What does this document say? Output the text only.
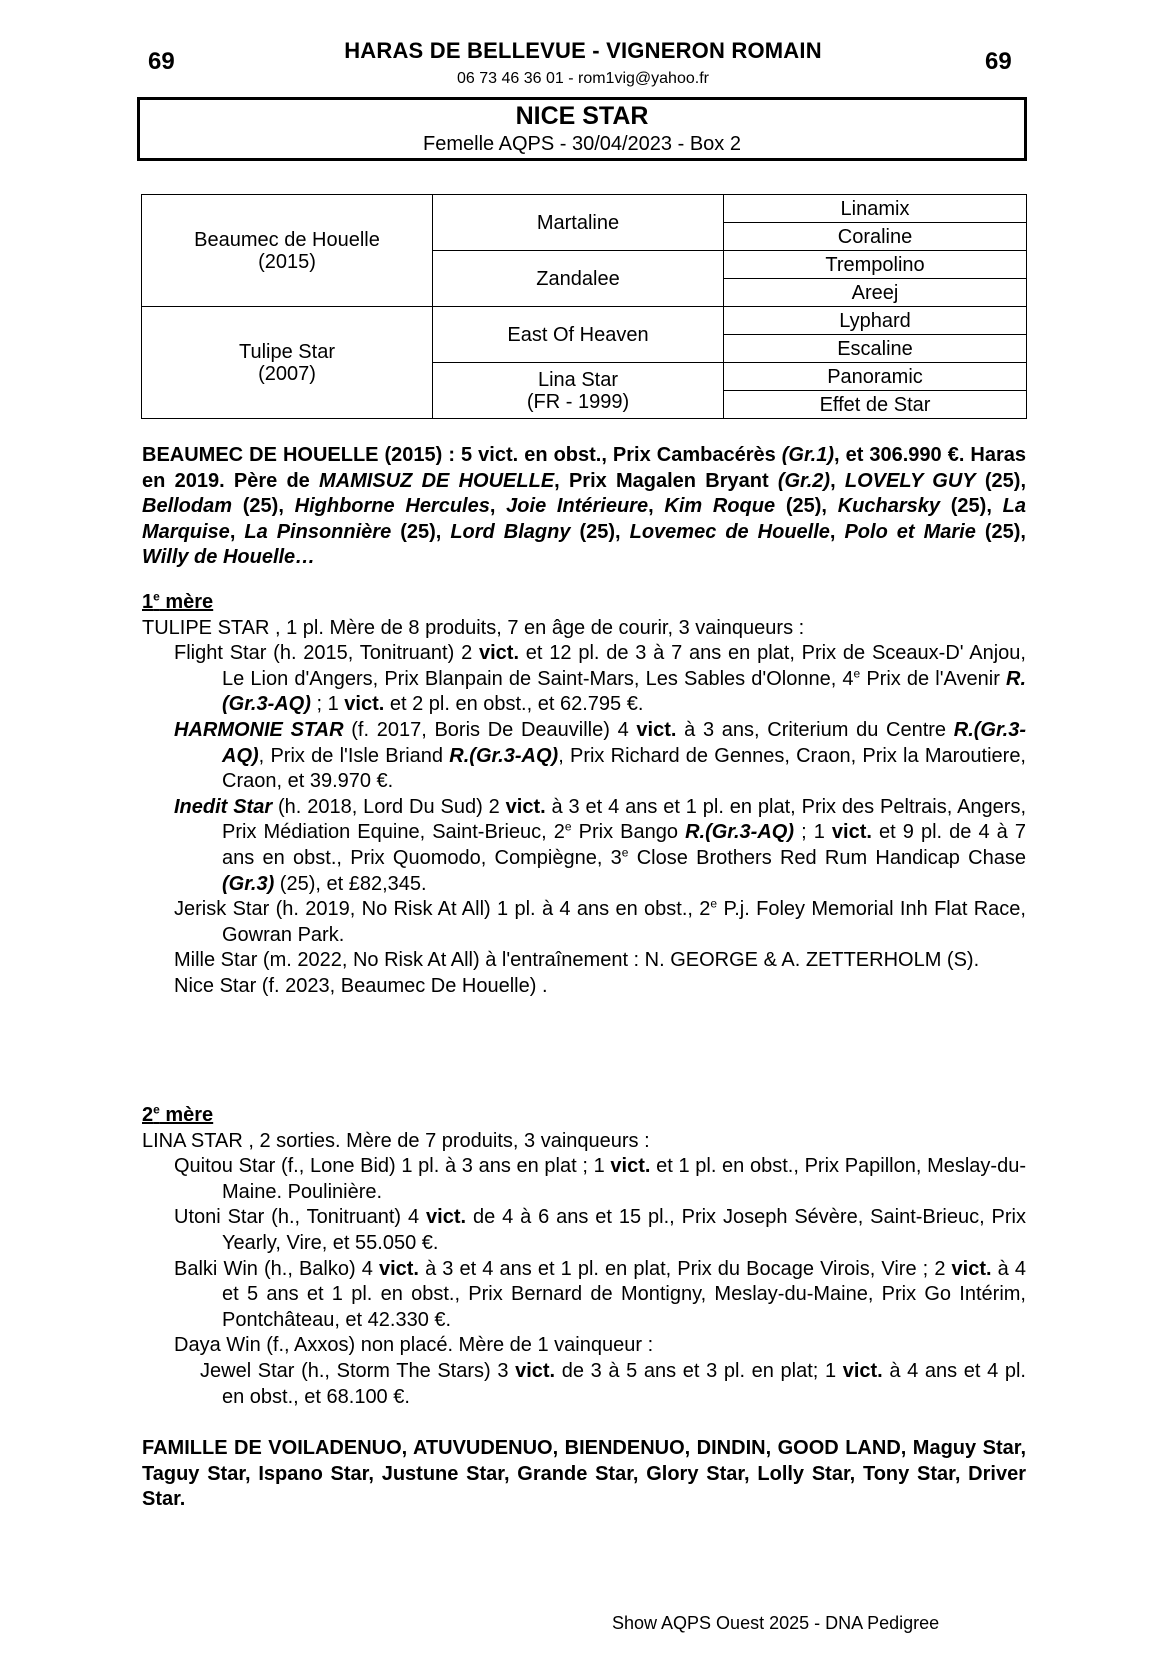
69	69
HARAS DE BELLEVUE - VIGNERON ROMAIN
06 73 46 36 01 - rom1vig@yahoo.fr
NICE STAR
Femelle AQPS - 30/04/2023 - Box 2
Beaumec de Houelle
(2015)	Martaline	Linamix
		Coraline
	Zandalee	Trempolino
		Areej

Tulipe Star
(2007)	East Of Heaven	Lyphard
		Escaline

	Lina Star
(FR - 1999)	Panoramic
		Effet de Star
BEAUMEC DE HOUELLE (2015) : 5 vict. en obst., Prix Cambacérès (Gr.1), et 306.990 €. Haras en 2019. Père de MAMISUZ DE HOUELLE, Prix Magalen Bryant (Gr.2), LOVELY GUY (25), Bellodam (25), Highborne Hercules, Joie Intérieure, Kim Roque (25), Kucharsky (25), La Marquise, La Pinsonnière (25), Lord Blagny (25), Lovemec de Houelle, Polo et Marie (25), Willy de Houelle…
1e mère
TULIPE STAR , 1 pl. Mère de 8 produits, 7 en âge de courir, 3 vainqueurs :
Flight Star (h. 2015, Tonitruant) 2 vict. et 12 pl. de 3 à 7 ans en plat, Prix de Sceaux-D' Anjou, Le Lion d'Angers, Prix Blanpain de Saint-Mars, Les Sables d'Olonne, 4e Prix de l'Avenir R.(Gr.3-AQ) ; 1 vict. et 2 pl. en obst., et 62.795 €.
HARMONIE STAR (f. 2017, Boris De Deauville) 4 vict. à 3 ans, Criterium du Centre R.(Gr.3-AQ), Prix de l'Isle Briand R.(Gr.3-AQ), Prix Richard de Gennes, Craon, Prix la Maroutiere, Craon, et 39.970 €.
Inedit Star (h. 2018, Lord Du Sud) 2 vict. à 3 et 4 ans et 1 pl. en plat, Prix des Peltrais, Angers, Prix Médiation Equine, Saint-Brieuc, 2e Prix Bango R.(Gr.3-AQ) ; 1 vict. et 9 pl. de 4 à 7 ans en obst., Prix Quomodo, Compiègne, 3e Close Brothers Red Rum Handicap Chase (Gr.3) (25), et £82,345.
Jerisk Star (h. 2019, No Risk At All) 1 pl. à 4 ans en obst., 2e P.j. Foley Memorial Inh Flat Race, Gowran Park.
Mille Star (m. 2022, No Risk At All) à l'entraînement : N. GEORGE & A. ZETTERHOLM (S).
Nice Star (f. 2023, Beaumec De Houelle) .
2e mère
LINA STAR , 2 sorties. Mère de 7 produits, 3 vainqueurs :
Quitou Star (f., Lone Bid) 1 pl. à 3 ans en plat ; 1 vict. et 1 pl. en obst., Prix Papillon, Meslay-du-Maine. Poulinière.
Utoni Star (h., Tonitruant) 4 vict. de 4 à 6 ans et 15 pl., Prix Joseph Sévère, Saint-Brieuc, Prix Yearly, Vire, et 55.050 €.
Balki Win (h., Balko) 4 vict. à 3 et 4 ans et 1 pl. en plat, Prix du Bocage Virois, Vire ; 2 vict. à 4 et 5 ans et 1 pl. en obst., Prix Bernard de Montigny, Meslay-du-Maine, Prix Go Intérim, Pontchâteau, et 42.330 €.
Daya Win (f., Axxos) non placé. Mère de 1 vainqueur :
Jewel Star (h., Storm The Stars) 3 vict. de 3 à 5 ans et 3 pl. en plat; 1 vict. à 4 ans et 4 pl. en obst., et 68.100 €.
FAMILLE DE VOILADENUO, ATUVUDENUO, BIENDENUO, DINDIN, GOOD LAND, Maguy Star, Taguy Star, Ispano Star, Justune Star, Grande Star, Glory Star, Lolly Star, Tony Star, Driver Star.
Show AQPS Ouest 2025 - DNA Pedigree
